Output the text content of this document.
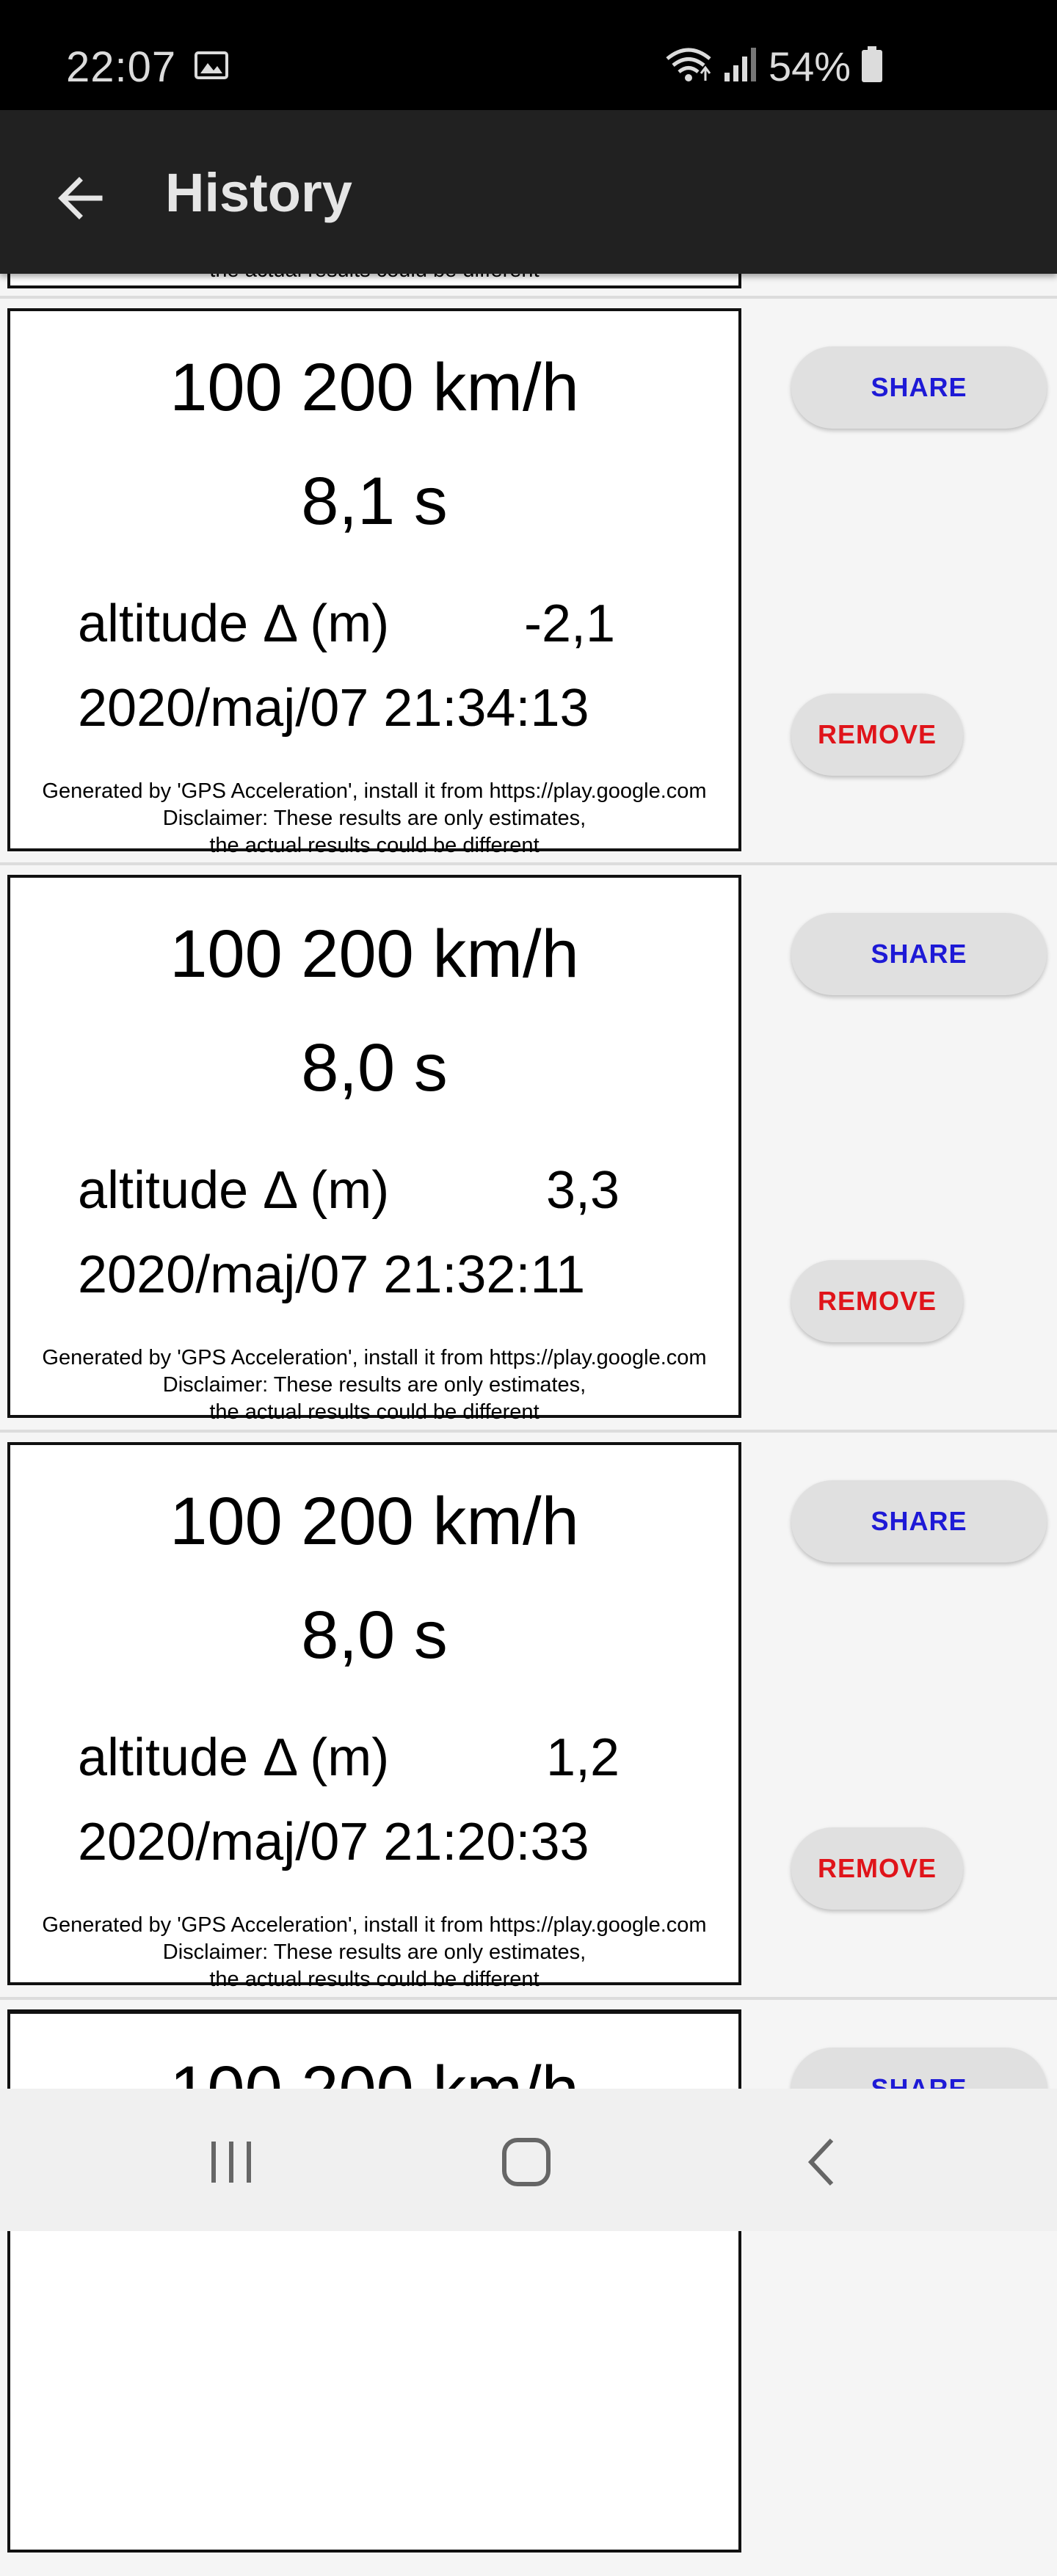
100 200 km/h
8,1 s
altitude Δ (m)	-2,1
2020/maj/07 21:34:13
Generated by 'GPS Acceleration', install it from https://play.google.com
Disclaimer: These results are only estimates,
the actual results could be different
SHARE
REMOVE
100 200 km/h
8,0 s
altitude Δ (m)	3,3
2020/maj/07 21:32:11
Generated by 'GPS Acceleration', install it from https://play.google.com
Disclaimer: These results are only estimates,
the actual results could be different
SHARE
REMOVE
100 200 km/h
8,0 s
altitude Δ (m)	1,2
2020/maj/07 21:20:33
Generated by 'GPS Acceleration', install it from https://play.google.com
Disclaimer: These results are only estimates,
the actual results could be different
SHARE
REMOVE
22:07	54%
History
